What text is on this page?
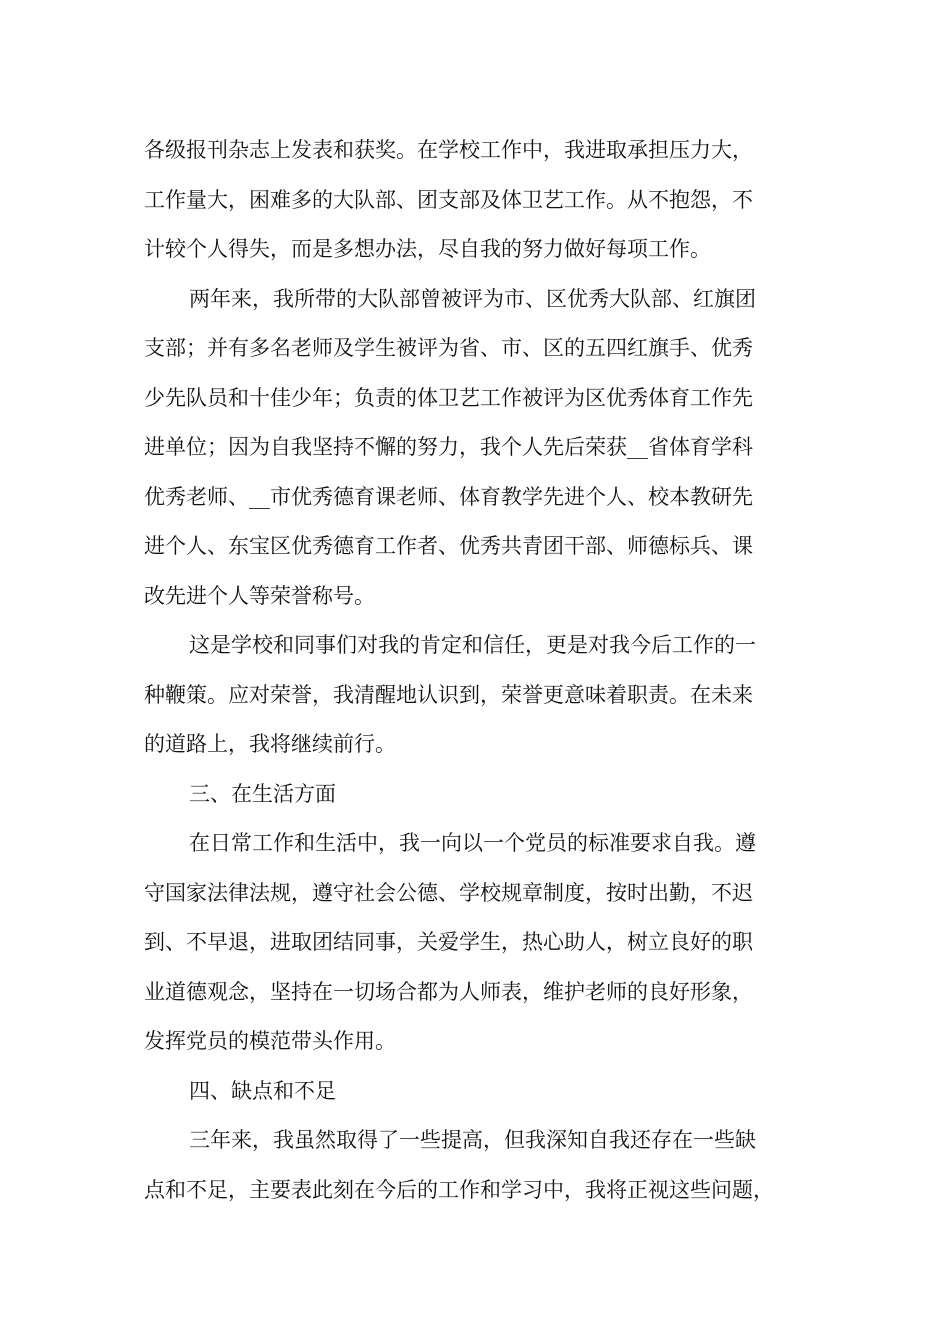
各级报刊杂志上发表和获奖。在学校工作中，我进取承担压力大，
工作量大，困难多的大队部、团支部及体卫艺工作。从不抱怨，不
计较个人得失，而是多想办法，尽自我的努力做好每项工作。
两年来，我所带的大队部曾被评为市、区优秀大队部、红旗团
支部；并有多名老师及学生被评为省、市、区的五四红旗手、优秀
少先队员和十佳少年；负责的体卫艺工作被评为区优秀体育工作先
进单位；因为自我坚持不懈的努力，我个人先后荣获__省体育学科
优秀老师、__市优秀德育课老师、体育教学先进个人、校本教研先
进个人、东宝区优秀德育工作者、优秀共青团干部、师德标兵、课
改先进个人等荣誉称号。
这是学校和同事们对我的肯定和信任，更是对我今后工作的一
种鞭策。应对荣誉，我清醒地认识到，荣誉更意味着职责。在未来
的道路上，我将继续前行。
三、在生活方面
在日常工作和生活中，我一向以一个党员的标准要求自我。遵
守国家法律法规，遵守社会公德、学校规章制度，按时出勤，不迟
到、不早退，进取团结同事，关爱学生，热心助人，树立良好的职
业道德观念，坚持在一切场合都为人师表，维护老师的良好形象，
发挥党员的模范带头作用。
四、缺点和不足
三年来，我虽然取得了一些提高，但我深知自我还存在一些缺
点和不足，主要表此刻在今后的工作和学习中，我将正视这些问题，
